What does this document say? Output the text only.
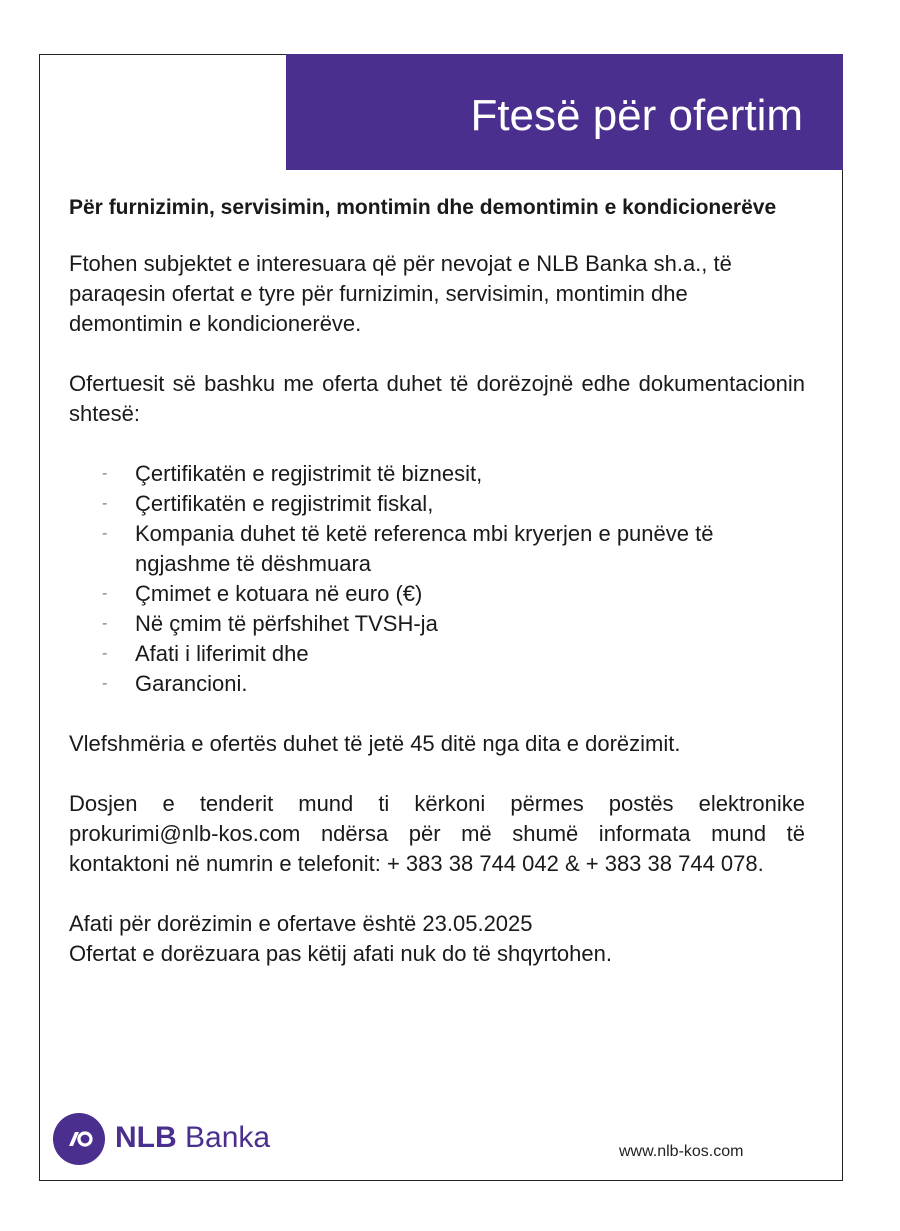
Ftesë për ofertim
Për furnizimin, servisimin, montimin dhe demontimin e kondicionerëve

Ftohen subjektet e interesuara që për nevojat e NLB Banka sh.a., të paraqesin ofertat e tyre për furnizimin, servisimin, montimin dhe demontimin e kondicionerëve.

Ofertuesit së bashku me oferta duhet të dorëzojnë edhe dokumentacionin shtesë:

- Çertifikatën e regjistrimit të biznesit,
- Çertifikatën e regjistrimit fiskal,
- Kompania duhet të ketë referenca mbi kryerjen e punëve të ngjashme të dëshmuara
- Çmimet e kotuara në euro (€)
- Në çmim të përfshihet TVSH-ja
- Afati i liferimit dhe
- Garancioni.

Vlefshmëria e ofertës duhet të jetë 45 ditë nga dita e dorëzimit.

Dosjen e tenderit mund ti kërkoni përmes postës elektronike prokurimi@nlb-kos.com ndërsa për më shumë informata mund të kontaktoni në numrin e telefonit: + 383 38 744 042 & + 383 38 744 078.

Afati për dorëzimin e ofertave është 23.05.2025
Ofertat e dorëzuara pas këtij afati nuk do të shqyrtohen.
NLB Banka	www.nlb-kos.com
